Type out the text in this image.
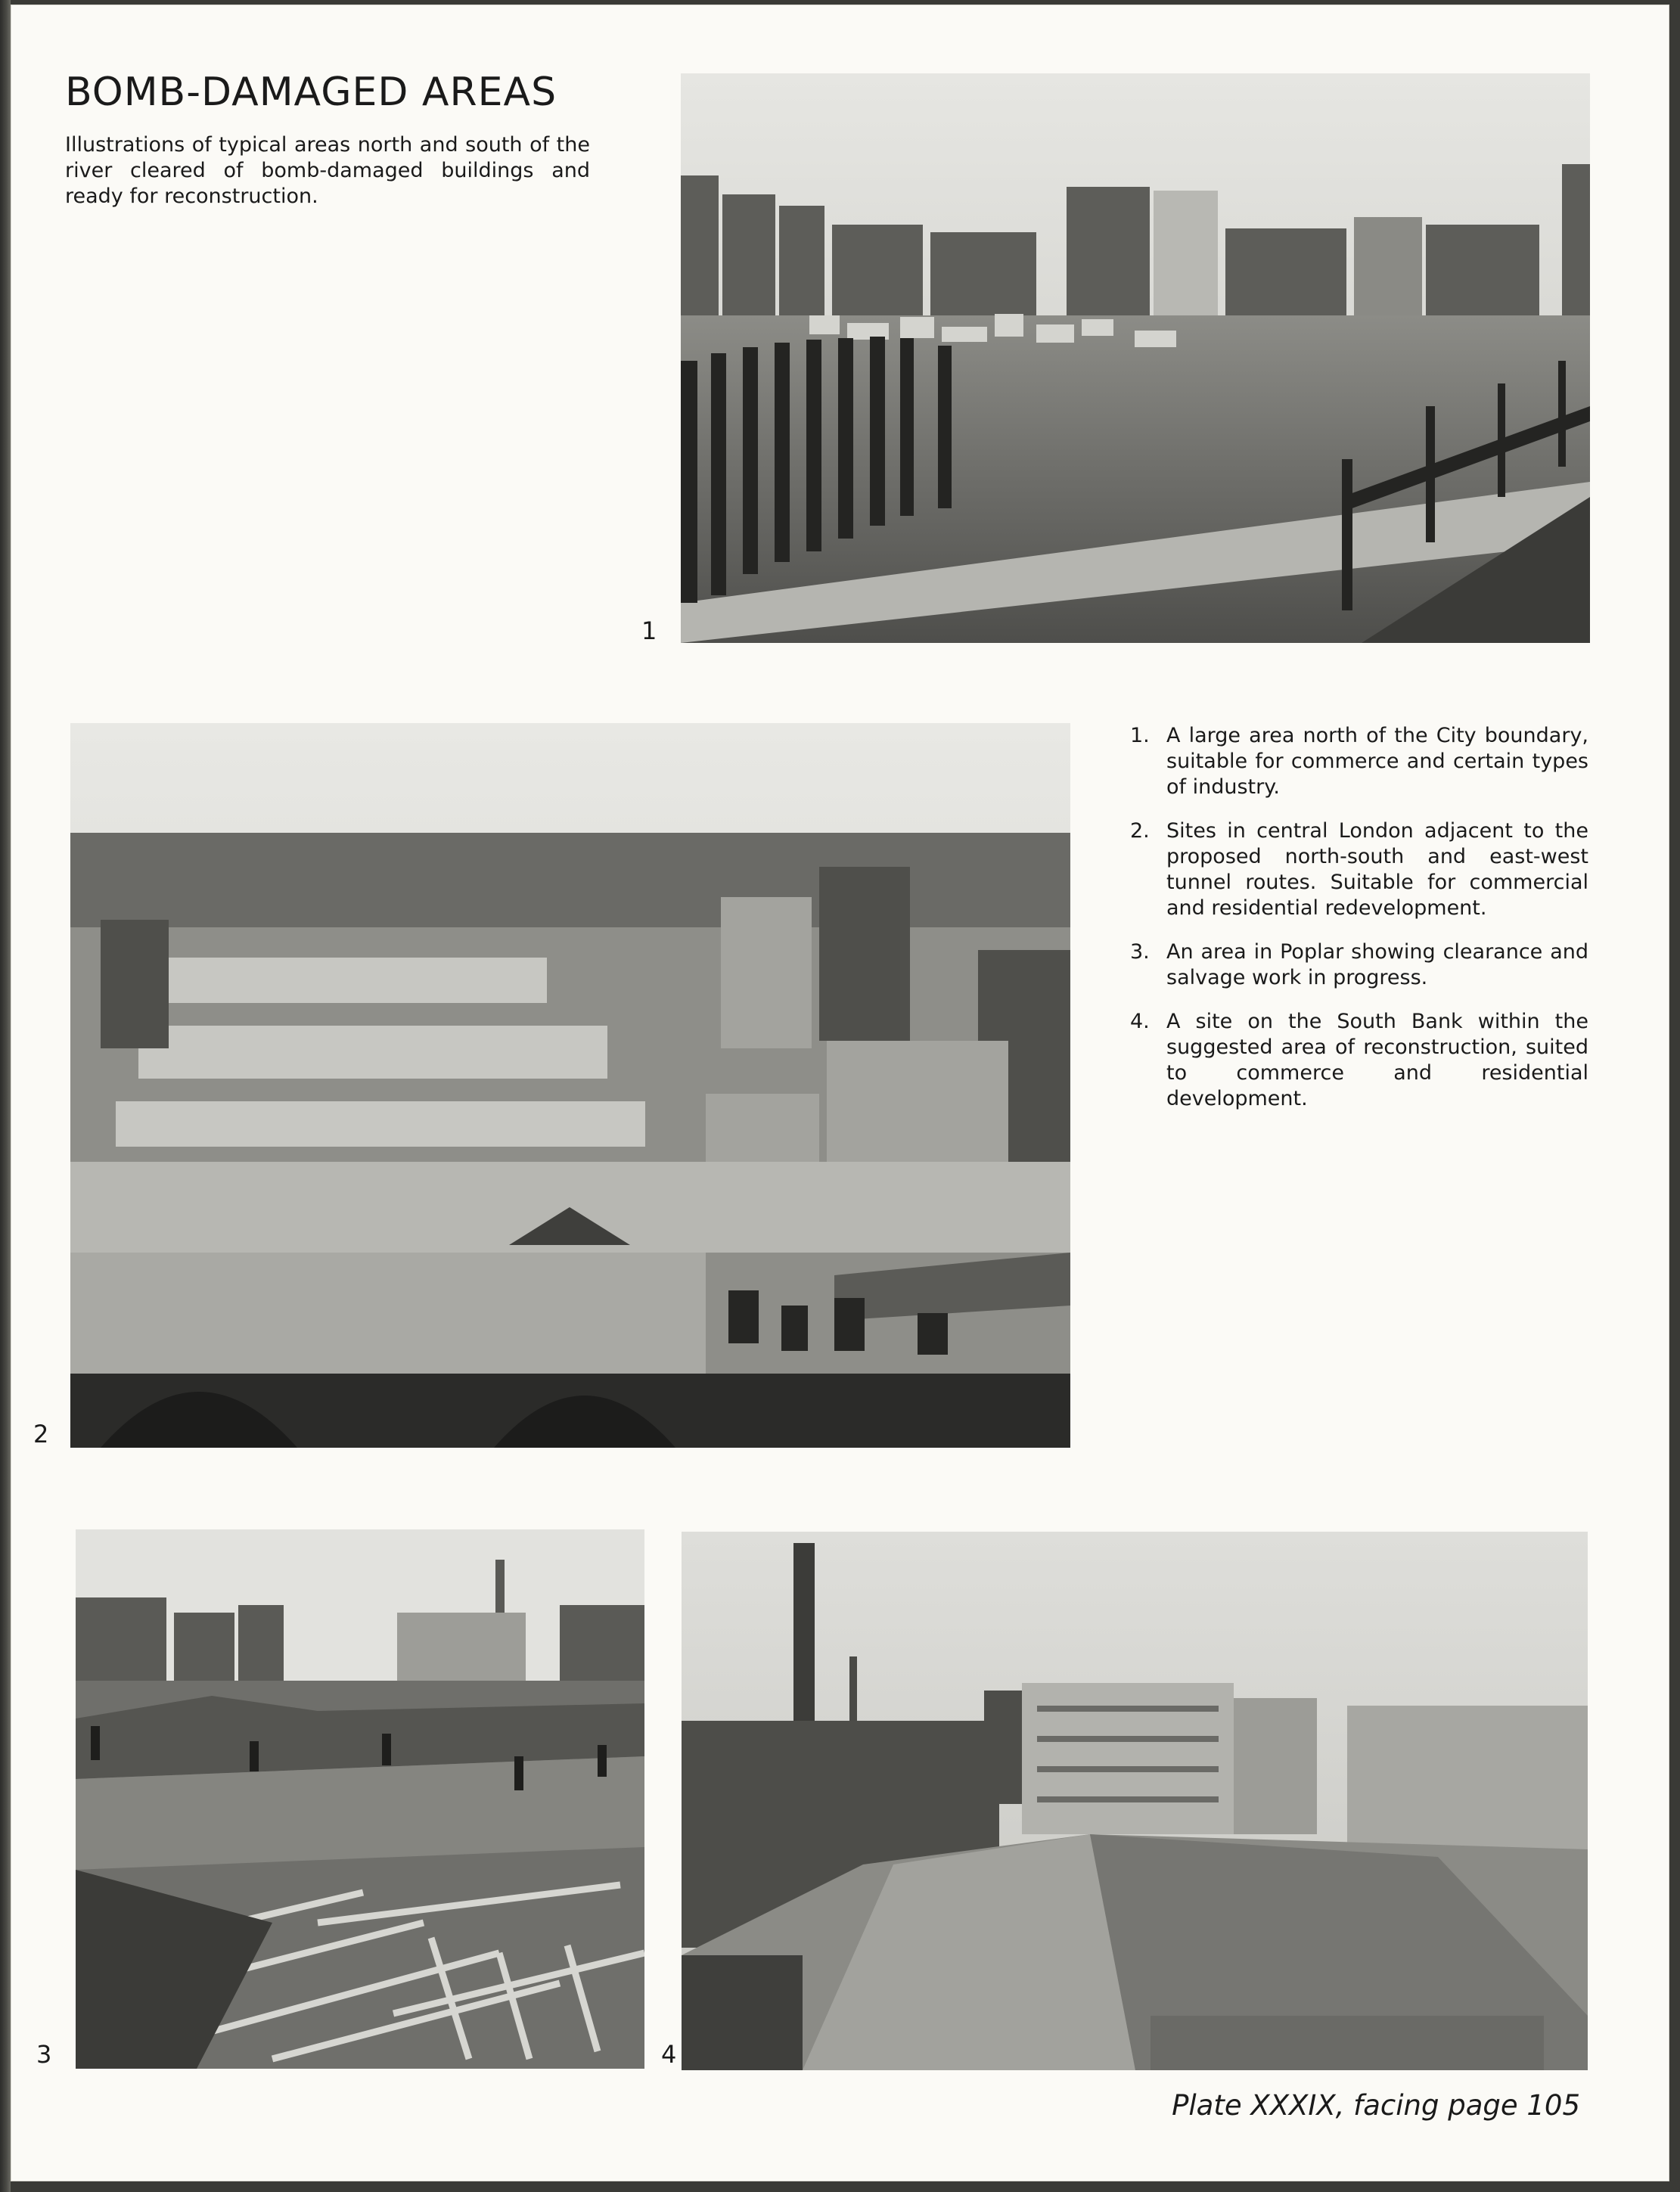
BOMB-DAMAGED AREAS

Illustrations of typical areas north and south of the river cleared of bomb-damaged buildings and ready for reconstruction.

1
2
1. A large area north of the City boundary, suitable for commerce and certain types of industry.
2. Sites in central London adjacent to the proposed north-south and east-west tunnel routes. Suitable for commercial and residential redevelopment.
3. An area in Poplar showing clearance and salvage work in progress.
4. A site on the South Bank within the suggested area of reconstruction, suited to commerce and residential development.
3	4
Plate XXXIX, facing page 105
